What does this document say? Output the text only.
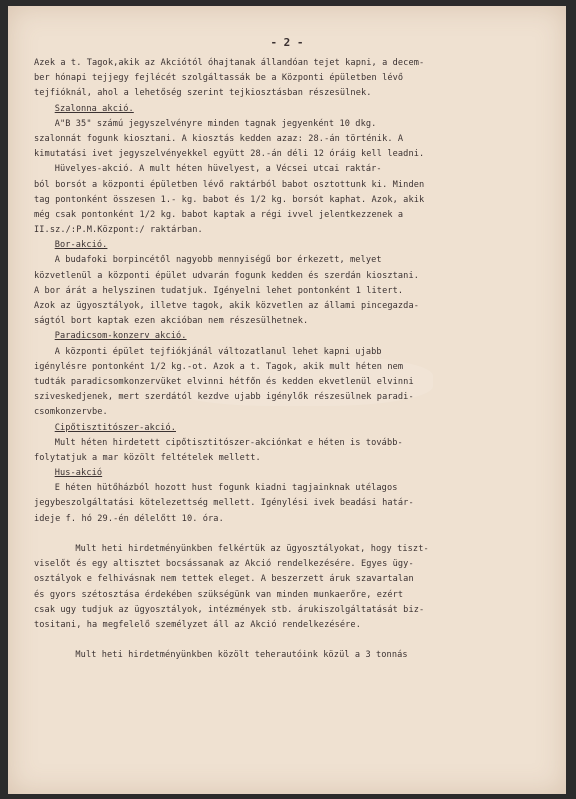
- 2 -
Azek a t. Tagok,akik az Akciótól óhajtanak állandóan tejet kapni, a decem-
ber hónapi tejjegy fejlécét szolgáltassák be a Központi épületben lévő
tejfióknál, ahol a lehetőség szerint tejkiosztásban részesülnek.
Szalonna akció.
A"B 35" számú jegyszelvényre minden tagnak jegyenként 10 dkg.
szalonnát fogunk kiosztani. A kiosztás kedden azaz: 28.-án történik. A
kimutatási ivet jegyszelvényekkel együtt 28.-án déli 12 óráig kell leadni.
Hüvelyes-akció. A mult héten hüvelyest, a Vécsei utcai raktár-
ból borsót a központi épületben lévő raktárból babot osztottunk ki. Minden
tag pontonként összesen 1.- kg. babot és 1/2 kg. borsót kaphat. Azok, akik
még csak pontonként 1/2 kg. babot kaptak a régi ivvel jelentkezzenek a
II.sz./:P.M.Központ:/ raktárban.
Bor-akció.
A budafoki borpincétől nagyobb mennyiségű bor érkezett, melyet
közvetlenül a központi épület udvarán fogunk kedden és szerdán kiosztani.
A bor árát a helyszinen tudatjuk. Igényelni lehet pontonként 1 litert.
Azok az ügyosztályok, illetve tagok, akik közvetlen az állami pincegazda-
ságtól bort kaptak ezen akcióban nem részesülhetnek.
Paradicsom-konzerv akció.
A központi épület tejfiókjánál változatlanul lehet kapni ujabb
igénylésre pontonként 1/2 kg.-ot. Azok a t. Tagok, akik mult héten nem
tudták paradicsomkonzervüket elvinni hétfőn és kedden ekvetlenül elvinni
sziveskedjenek, mert szerdától kezdve ujabb igénylők részesülnek paradi-
csomkonzervbe.
Cipőtisztitószer-akció.
Mult héten hirdetett cipőtisztitószer-akciónkat e héten is tovább-
folytatjuk a mar közölt feltételek mellett.
Hus-akció
E héten hütőházból hozott hust fogunk kiadni tagjainknak utélagos
jegybeszolgáltatási kötelezettség mellett. Igénylési ivek beadási határ-
ideje f. hó 29.-én délelőtt 10. óra.
Mult heti hirdetményünkben felkértük az ügyosztályokat, hogy tiszt-
viselőt és egy altisztet bocsássanak az Akció rendelkezésére. Egyes ügy-
osztályok e felhivásnak nem tettek eleget. A beszerzett áruk szavartalan
és gyors szétosztása érdekében szükségünk van minden munkaerőre, ezért
csak ugy tudjuk az ügyosztályok, intézmények stb. árukiszolgáltatását biz-
tositani, ha megfelelő személyzet áll az Akció rendelkezésére.
Mult heti hirdetményünkben közölt teherautóink közül a 3 tonnás
